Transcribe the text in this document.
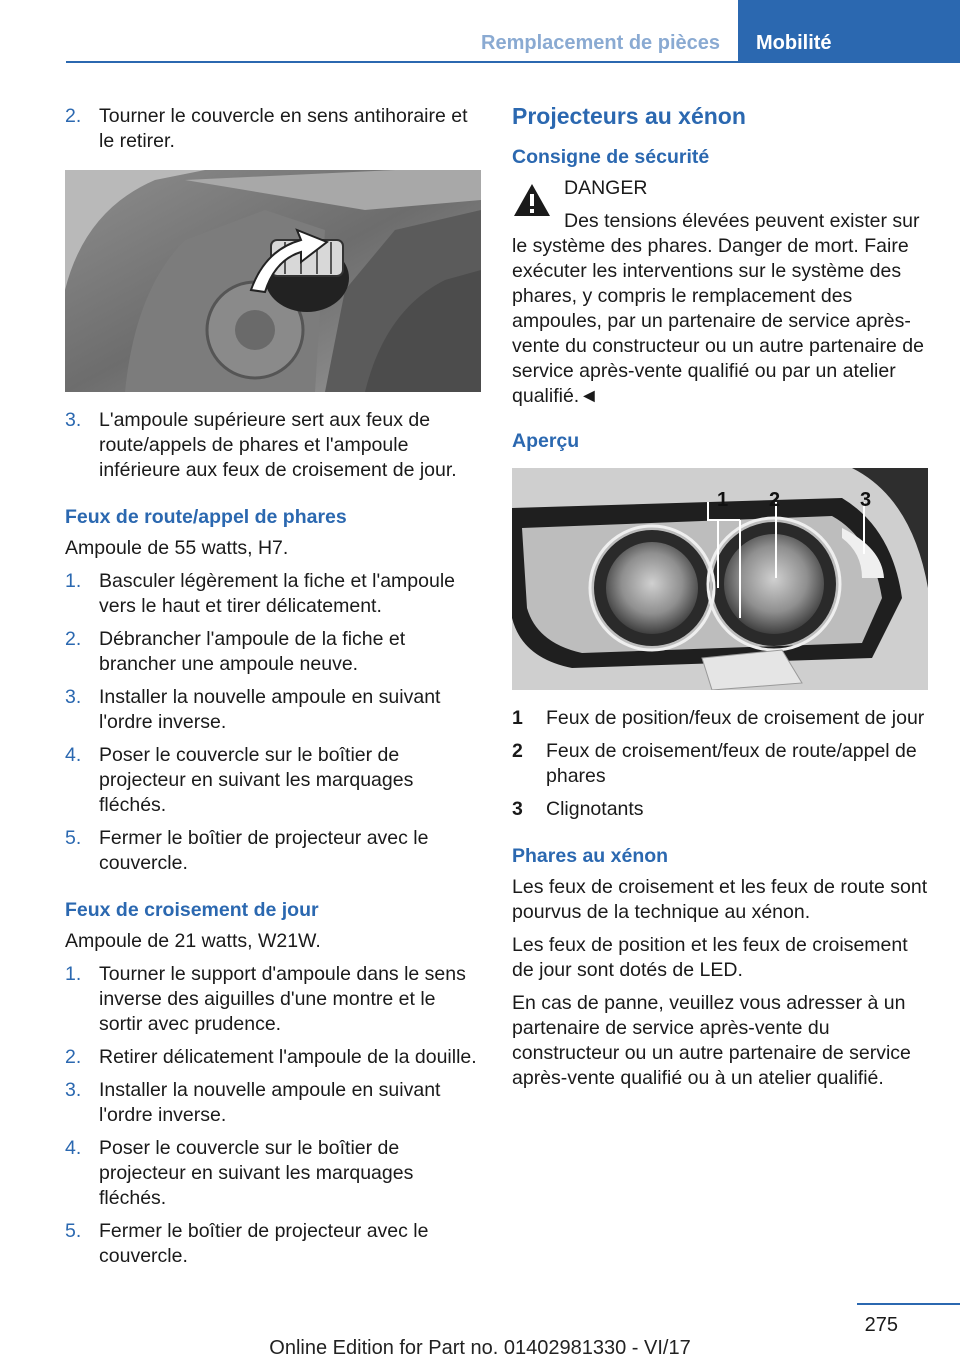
Remplacement de pièces	Mobilité
2. Tourner le couvercle en sens antihoraire et le retirer.
3. L'ampoule supérieure sert aux feux de route/appels de phares et l'ampoule inférieure aux feux de croisement de jour.
Feux de route/appel de phares

Ampoule de 55 watts, H7.

1. Basculer légèrement la fiche et l'ampoule vers le haut et tirer délicatement.
2. Débrancher l'ampoule de la fiche et brancher une ampoule neuve.
3. Installer la nouvelle ampoule en suivant l'ordre inverse.
4. Poser le couvercle sur le boîtier de projecteur en suivant les marquages fléchés.
5. Fermer le boîtier de projecteur avec le couvercle.
Feux de croisement de jour

Ampoule de 21 watts, W21W.

1. Tourner le support d'ampoule dans le sens inverse des aiguilles d'une montre et le sortir avec prudence.
2. Retirer délicatement l'ampoule de la douille.
3. Installer la nouvelle ampoule en suivant l'ordre inverse.
4. Poser le couvercle sur le boîtier de projecteur en suivant les marquages fléchés.
5. Fermer le boîtier de projecteur avec le couvercle.
Projecteurs au xénon
Consigne de sécurité

DANGER

Des tensions élevées peuvent exister sur le système des phares. Danger de mort. Faire exécuter les interventions sur le système des phares, y compris le remplacement des ampoules, par un partenaire de service après-vente du constructeur ou un autre partenaire de service après-vente qualifié ou par un atelier qualifié.◄

Aperçu
1 2	3
1 Feux de position/feux de croisement de jour
2 Feux de croisement/feux de route/appel de phares
3 Clignotants
Phares au xénon

Les feux de croisement et les feux de route sont pourvus de la technique au xénon.

Les feux de position et les feux de croisement de jour sont dotés de LED.

En cas de panne, veuillez vous adresser à un partenaire de service après-vente du constructeur ou un autre partenaire de service après-vente qualifié ou à un atelier qualifié.

275
Online Edition for Part no. 01402981330 - VI/17
